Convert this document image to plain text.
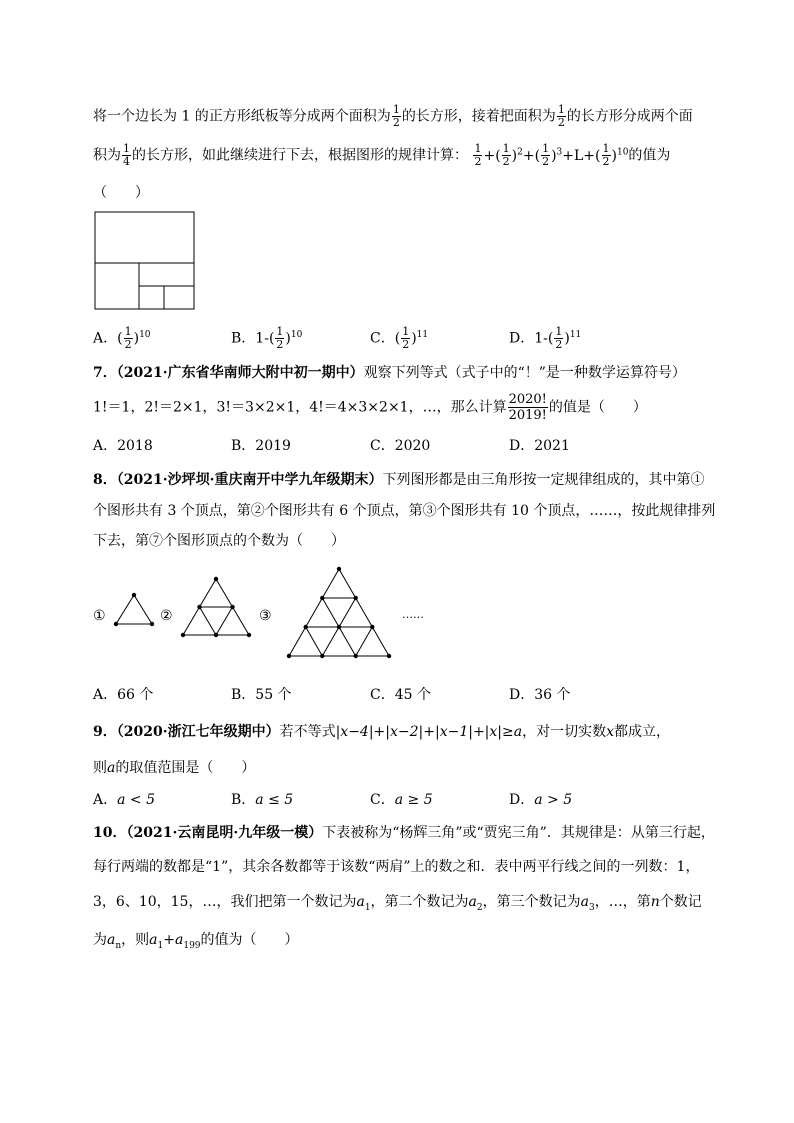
将一个边长为 1 的正方形纸板等分成两个面积为 $\frac{1}{2}$ 的长方形，接着把面积为 $\frac{1}{2}$ 的长方形分成两个面
积为 $\frac{1}{4}$ 的长方形，如此继续进行下去，根据图形的规律计算： $\frac{1}{2}$ +( $\frac{1}{2} )^2+( \frac{1}{2} )^3+L+( \frac{1}{2} )^{10}$的值为
（　　）
A．( $\frac{1}{2} )^{10}$	B．$1-( \frac{1}{2} )^{10}$	C．( $\frac{1}{2} )^{11}$	D．$1-( \frac{1}{2} )^{11}$
7．（2021·广东省华南师大附中初一期中）观察下列等式（式子中的“！”是一种数学运算符号）
1!＝1，2!＝2×1，3!＝3×2×1，4!＝4×3×2×1，…，那么计算 $\frac{2020!}{2019!}$ 的值是（　　）
A．2018	B．2019	C．2020	D．2021
8．（2021·沙坪坝·重庆南开中学九年级期末）下列图形都是由三角形按一定规律组成的，其中第①
个图形共有 3 个顶点，第②个图形共有 6 个顶点，第③个图形共有 10 个顶点，……，按此规律排列
下去，第⑦个图形顶点的个数为（　　）
①	②	③	……
A．66 个	B．55 个	C．45 个	D．36 个
9．（2020·浙江七年级期中）若不等式|x−4|+|x−2|+|x−1|+|x|≥a，对一切实数x都成立，
则a的取值范围是（　　）
A．a < 5	B．a ≤ 5	C．a ≥ 5	D．a > 5
10．（2021·云南昆明·九年级一模）下表被称为“杨辉三角”或“贾宪三角”．其规律是：从第三行起，
每行两端的数都是“1”，其余各数都等于该数“两肩”上的数之和．表中两平行线之间的一列数：1，
3，6、10，15，…，我们把第一个数记为$a_1$，第二个数记为$a_2$，第三个数记为$a_3$，…，第n个数记
为$a_n$，则$a_1+a_{199}$的值为（　　）
